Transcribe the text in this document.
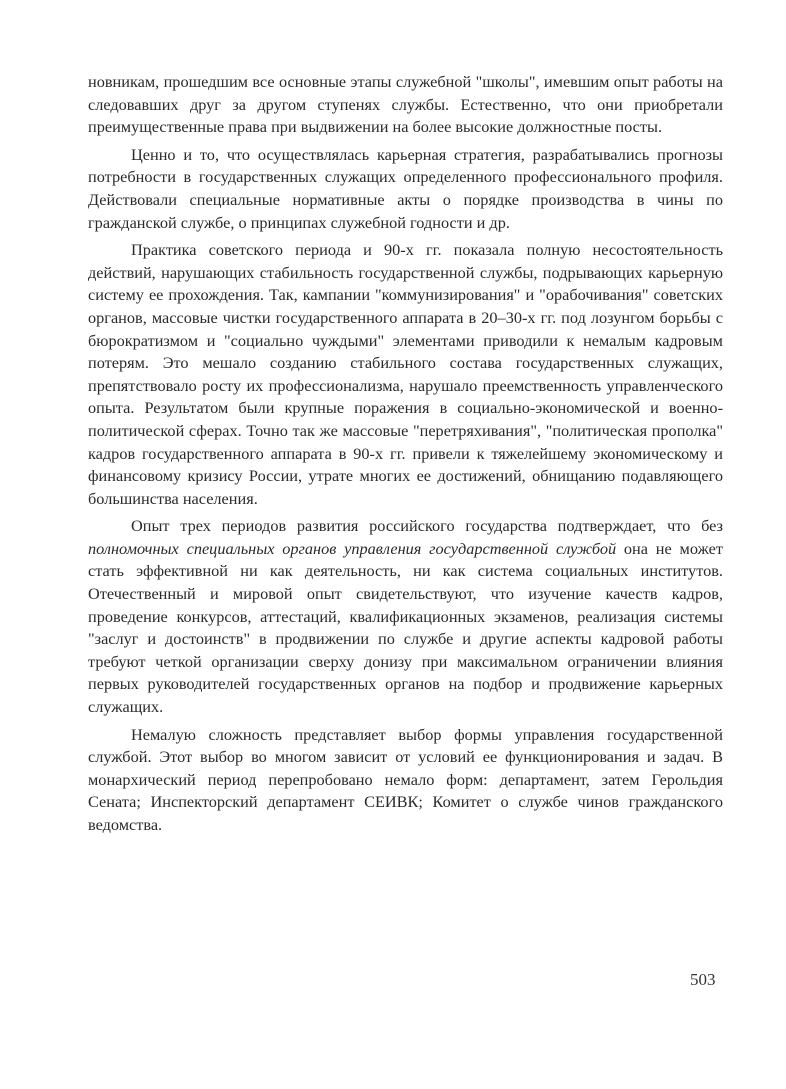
новникам, прошедшим все основные этапы служебной "школы", имевшим опыт работы на следовавших друг за другом ступенях службы. Естественно, что они приобретали преимущественные права при выдвижении на более высокие должностные посты.

Ценно и то, что осуществлялась карьерная стратегия, разрабатывались прогнозы потребности в государственных служащих определенного профессионального профиля. Действовали специальные нормативные акты о порядке производства в чины по гражданской службе, о принципах служебной годности и др.

Практика советского периода и 90-х гг. показала полную несостоятельность действий, нарушающих стабильность государственной службы, подрывающих карьерную систему ее прохождения. Так, кампании "коммунизирования" и "орабочивания" советских органов, массовые чистки государственного аппарата в 20–30-х гг. под лозунгом борьбы с бюрократизмом и "социально чуждыми" элементами приводили к немалым кадровым потерям. Это мешало созданию стабильного состава государственных служащих, препятствовало росту их профессионализма, нарушало преемственность управленческого опыта. Результатом были крупные поражения в социально-экономической и военно-политической сферах. Точно так же массовые "перетряхивания", "политическая прополка" кадров государственного аппарата в 90-х гг. привели к тяжелейшему экономическому и финансовому кризису России, утрате многих ее достижений, обнищанию подавляющего большинства населения.

Опыт трех периодов развития российского государства подтверждает, что без полномочных специальных органов управления государственной службой она не может стать эффективной ни как деятельность, ни как система социальных институтов. Отечественный и мировой опыт свидетельствуют, что изучение качеств кадров, проведение конкурсов, аттестаций, квалификационных экзаменов, реализация системы "заслуг и достоинств" в продвижении по службе и другие аспекты кадровой работы требуют четкой организации сверху донизу при максимальном ограничении влияния первых руководителей государственных органов на подбор и продвижение карьерных служащих.

Немалую сложность представляет выбор формы управления государственной службой. Этот выбор во многом зависит от условий ее функционирования и задач. В монархический период перепробовано немало форм: департамент, затем Герольдия Сената; Инспекторский департамент СЕИВК; Комитет о службе чинов гражданского ведомства.

503
